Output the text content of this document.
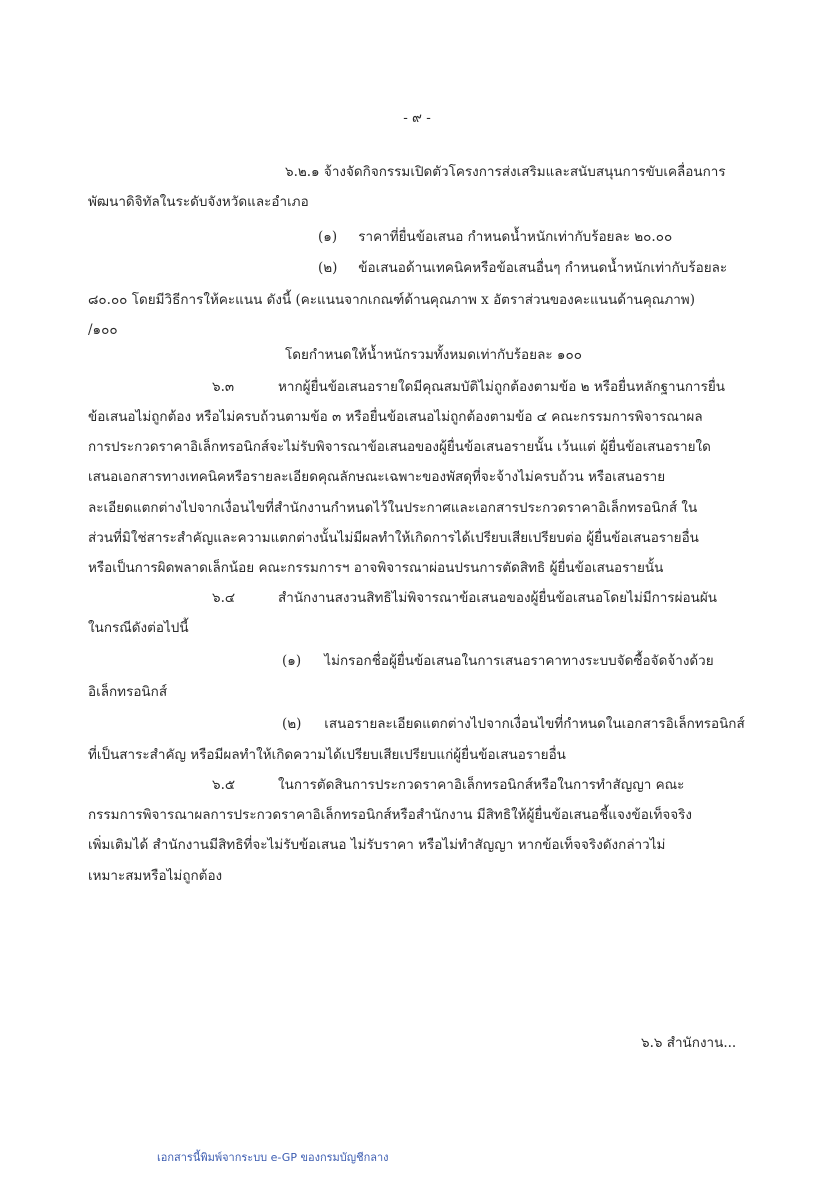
- ๙ -
๖.๒.๑ จ้างจัดกิจกรรมเปิดตัวโครงการส่งเสริมและสนับสนุนการขับเคลื่อนการ
พัฒนาดิจิทัลในระดับจังหวัดและอำเภอ
(๑) ราคาที่ยื่นข้อเสนอ กำหนดน้ำหนักเท่ากับร้อยละ ๒๐.๐๐
(๒) ข้อเสนอด้านเทคนิคหรือข้อเสนอื่นๆ กำหนดน้ำหนักเท่ากับร้อยละ
๘๐.๐๐ โดยมีวิธีการให้คะแนน ดังนี้ (คะแนนจากเกณฑ์ด้านคุณภาพ x อัตราส่วนของคะแนนด้านคุณภาพ)
/๑๐๐
โดยกำหนดให้น้ำหนักรวมทั้งหมดเท่ากับร้อยละ ๑๐๐
๖.๓	หากผู้ยื่นข้อเสนอรายใดมีคุณสมบัติไม่ถูกต้องตามข้อ ๒ หรือยื่นหลักฐานการยื่น
ข้อเสนอไม่ถูกต้อง หรือไม่ครบถ้วนตามข้อ ๓ หรือยื่นข้อเสนอไม่ถูกต้องตามข้อ ๔ คณะกรรมการพิจารณาผล
การประกวดราคาอิเล็กทรอนิกส์จะไม่รับพิจารณาข้อเสนอของผู้ยื่นข้อเสนอรายนั้น เว้นแต่ ผู้ยื่นข้อเสนอรายใด
เสนอเอกสารทางเทคนิคหรือรายละเอียดคุณลักษณะเฉพาะของพัสดุที่จะจ้างไม่ครบถ้วน หรือเสนอราย
ละเอียดแตกต่างไปจากเงื่อนไขที่สำนักงานกำหนดไว้ในประกาศและเอกสารประกวดราคาอิเล็กทรอนิกส์ ใน
ส่วนที่มิใช่สาระสำคัญและความแตกต่างนั้นไม่มีผลทำให้เกิดการได้เปรียบเสียเปรียบต่อ ผู้ยื่นข้อเสนอรายอื่น
หรือเป็นการผิดพลาดเล็กน้อย คณะกรรมการฯ อาจพิจารณาผ่อนปรนการตัดสิทธิ ผู้ยื่นข้อเสนอรายนั้น
๖.๔	สำนักงานสงวนสิทธิไม่พิจารณาข้อเสนอของผู้ยื่นข้อเสนอโดยไม่มีการผ่อนผัน
ในกรณีดังต่อไปนี้
(๑) ไม่กรอกชื่อผู้ยื่นข้อเสนอในการเสนอราคาทางระบบจัดซื้อจัดจ้างด้วย
อิเล็กทรอนิกส์
(๒) เสนอรายละเอียดแตกต่างไปจากเงื่อนไขที่กำหนดในเอกสารอิเล็กทรอนิกส์
ที่เป็นสาระสำคัญ หรือมีผลทำให้เกิดความได้เปรียบเสียเปรียบแก่ผู้ยื่นข้อเสนอรายอื่น
๖.๕	ในการตัดสินการประกวดราคาอิเล็กทรอนิกส์หรือในการทำสัญญา คณะ
กรรมการพิจารณาผลการประกวดราคาอิเล็กทรอนิกส์หรือสำนักงาน มีสิทธิให้ผู้ยื่นข้อเสนอชี้แจงข้อเท็จจริง
เพิ่มเติมได้ สำนักงานมีสิทธิที่จะไม่รับข้อเสนอ ไม่รับราคา หรือไม่ทำสัญญา หากข้อเท็จจริงดังกล่าวไม่
เหมาะสมหรือไม่ถูกต้อง
๖.๖ สำนักงาน...
เอกสารนี้พิมพ์จากระบบ e-GP ของกรมบัญชีกลาง
